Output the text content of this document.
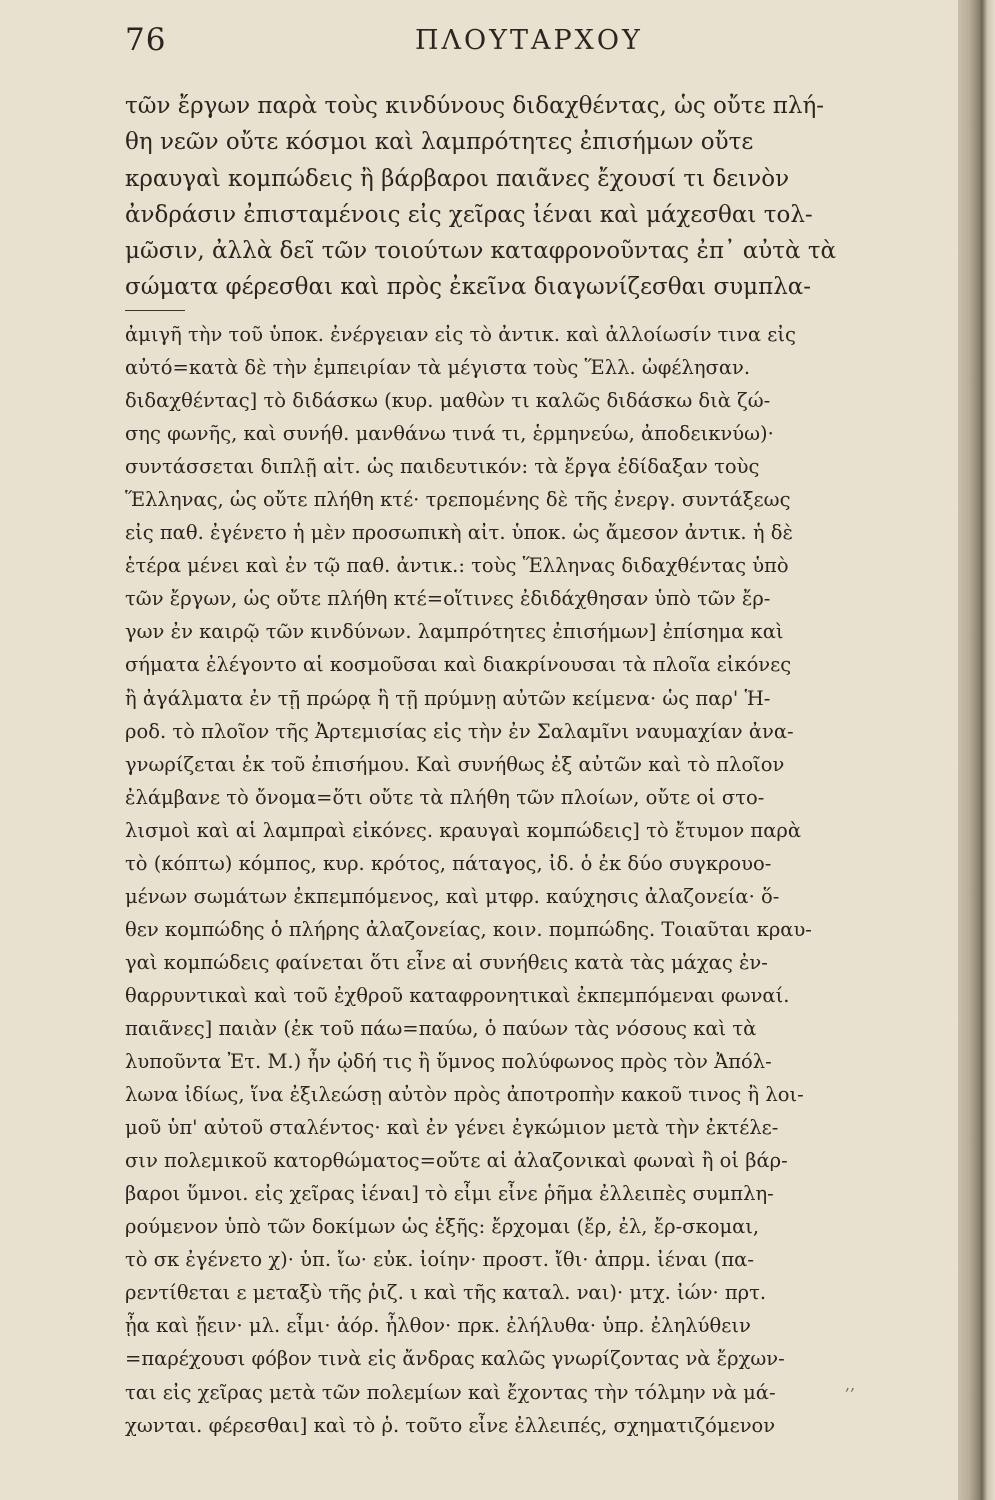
76	ΠΛΟΥΤΑΡΧΟΥ
τῶν ἔργων παρὰ τοὺς κινδύνους διδαχθέντας, ὡς οὔτε πλή-
θη νεῶν οὔτε κόσμοι καὶ λαμπρότητες ἐπισήμων οὔτε
κραυγαὶ κομπώδεις ἢ βάρβαροι παιᾶνες ἔχουσί τι δεινὸν
ἀνδράσιν ἐπισταμένοις εἰς χεῖρας ἰέναι καὶ μάχεσθαι τολ-
μῶσιν, ἀλλὰ δεῖ τῶν τοιούτων καταφρονοῦντας ἐπ᾽ αὐτὰ τὰ
σώματα φέρεσθαι καὶ πρὸς ἐκεῖνα διαγωνίζεσθαι συμπλα-
ἀμιγῆ τὴν τοῦ ὑποκ. ἐνέργειαν εἰς τὸ ἀντικ. καὶ ἀλλοίωσίν τινα εἰς
αὐτό=κατὰ δὲ τὴν ἐμπειρίαν τὰ μέγιστα τοὺς Ἕλλ. ὠφέλησαν.
διδαχθέντας] τὸ διδάσκω (κυρ. μαθὼν τι καλῶς διδάσκω διὰ ζώ-
σης φωνῆς, καὶ συνήθ. μανθάνω τινά τι, ἑρμηνεύω, ἀποδεικνύω)·
συντάσσεται διπλῇ αἰτ. ὡς παιδευτικόν: τὰ ἔργα ἐδίδαξαν τοὺς
Ἕλληνας, ὡς οὔτε πλήθη κτέ· τρεπομένης δὲ τῆς ἐνεργ. συντάξεως
εἰς παθ. ἐγένετο ἡ μὲν προσωπικὴ αἰτ. ὑποκ. ὡς ἄμεσον ἀντικ. ἡ δὲ
ἑτέρα μένει καὶ ἐν τῷ παθ. ἀντικ.: τοὺς Ἕλληνας διδαχθέντας ὑπὸ
τῶν ἔργων, ὡς οὔτε πλήθη κτέ=οἵτινες ἐδιδάχθησαν ὑπὸ τῶν ἔρ-
γων ἐν καιρῷ τῶν κινδύνων. λαμπρότητες ἐπισήμων] ἐπίσημα καὶ
σήματα ἐλέγοντο αἱ κοσμοῦσαι καὶ διακρίνουσαι τὰ πλοῖα εἰκόνες
ἢ ἀγάλματα ἐν τῇ πρώρᾳ ἢ τῇ πρύμνῃ αὐτῶν κείμενα· ὡς παρ' Ἡ-
ροδ. τὸ πλοῖον τῆς Ἀρτεμισίας εἰς τὴν ἐν Σαλαμῖνι ναυμαχίαν ἀνα-
γνωρίζεται ἐκ τοῦ ἐπισήμου. Καὶ συνήθως ἐξ αὐτῶν καὶ τὸ πλοῖον
ἐλάμβανε τὸ ὄνομα=ὅτι οὔτε τὰ πλήθη τῶν πλοίων, οὔτε οἱ στο-
λισμοὶ καὶ αἱ λαμπραὶ εἰκόνες. κραυγαὶ κομπώδεις] τὸ ἔτυμον παρὰ
τὸ (κόπτω) κόμπος, κυρ. κρότος, πάταγος, ἰδ. ὁ ἐκ δύο συγκρουο-
μένων σωμάτων ἐκπεμπόμενος, καὶ μτφρ. καύχησις ἀλαζονεία· ὅ-
θεν κομπώδης ὁ πλήρης ἀλαζονείας, κοιν. πομπώδης. Τοιαῦται κραυ-
γαὶ κομπώδεις φαίνεται ὅτι εἶνε αἱ συνήθεις κατὰ τὰς μάχας ἐν-
θαρρυντικαὶ καὶ τοῦ ἐχθροῦ καταφρονητικαὶ ἐκπεμπόμεναι φωναί.
παιᾶνες] παιὰν (ἐκ τοῦ πάω=παύω, ὁ παύων τὰς νόσους καὶ τὰ
λυποῦντα Ἐτ. Μ.) ἦν ᾠδή τις ἢ ὕμνος πολύφωνος πρὸς τὸν Ἀπόλ-
λωνα ἰδίως, ἵνα ἐξιλεώσῃ αὐτὸν πρὸς ἀποτροπὴν κακοῦ τινος ἢ λοι-
μοῦ ὑπ' αὐτοῦ σταλέντος· καὶ ἐν γένει ἐγκώμιον μετὰ τὴν ἐκτέλε-
σιν πολεμικοῦ κατορθώματος=οὔτε αἱ ἀλαζονικαὶ φωναὶ ἢ οἱ βάρ-
βαροι ὕμνοι. εἰς χεῖρας ἰέναι] τὸ εἶμι εἶνε ῥῆμα ἐλλειπὲς συμπλη-
ρούμενον ὑπὸ τῶν δοκίμων ὡς ἑξῆς: ἔρχομαι (ἔρ, ἐλ, ἔρ-σκομαι,
τὸ σκ ἐγένετο χ)· ὑπ. ἴω· εὐκ. ἰοίην· προστ. ἴθι· ἀπρμ. ἰέναι (πα-
ρεντίθεται ε μεταξὺ τῆς ῥιζ. ι καὶ τῆς καταλ. ναι)· μτχ. ἰών· πρτ.
ᾖα καὶ ᾔειν· μλ. εἶμι· ἀόρ. ἦλθον· πρκ. ἐλήλυθα· ὑπρ. ἐληλύθειν
=παρέχουσι φόβον τινὰ εἰς ἄνδρας καλῶς γνωρίζοντας νὰ ἔρχων-
ται εἰς χεῖρας μετὰ τῶν πολεμίων καὶ ἔχοντας τὴν τόλμην νὰ μά-
χωνται. φέρεσθαι] καὶ τὸ ῥ. τοῦτο εἶνε ἐλλειπές, σχηματιζόμενον
,,
